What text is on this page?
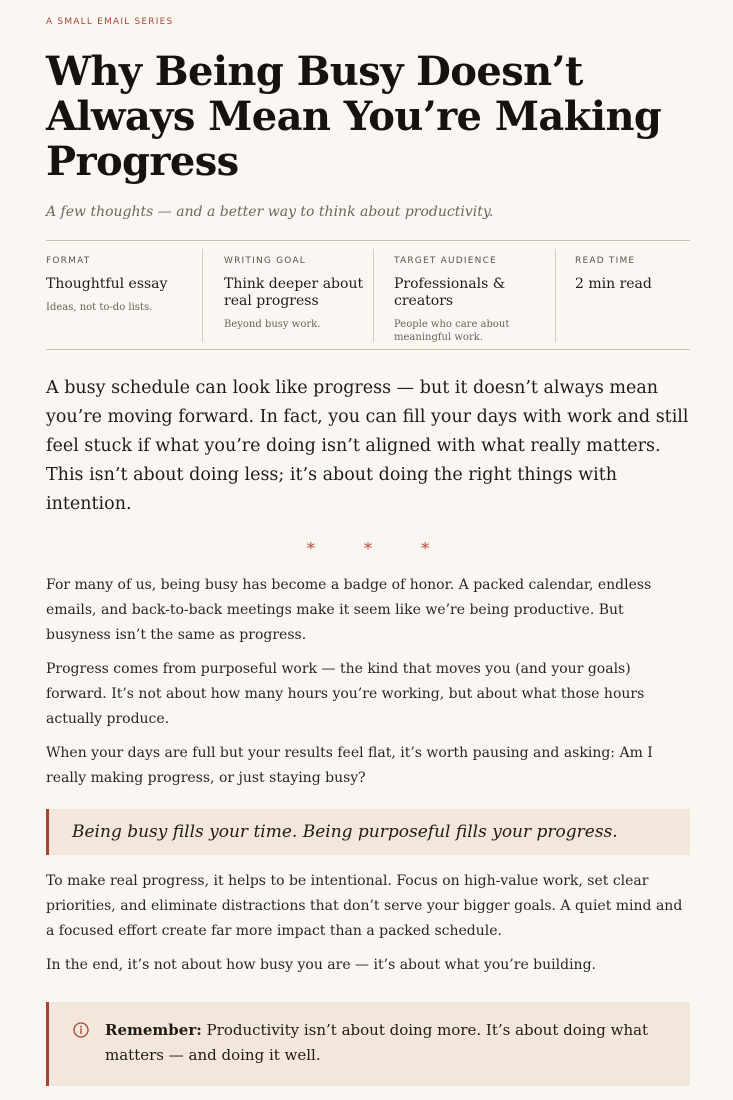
A SMALL EMAIL SERIES

Why Being Busy Doesn’t Always Mean You’re Making Progress

A few thoughts — and a better way to think about productivity.

FORMAT

Thoughtful essay

Ideas, not to-do lists.

WRITING GOAL

Think deeper about real progress

Beyond busy work.

TARGET AUDIENCE

Professionals & creators

People who care about meaningful work.

READ TIME

2 min read

A busy schedule can look like progress — but it doesn’t always mean you’re moving forward. In fact, you can fill your days with work and still feel stuck if what you’re doing isn’t aligned with what really matters. This isn’t about doing less; it’s about doing the right things with intention.

* * *

For many of us, being busy has become a badge of honor. A packed calendar, endless emails, and back-to-back meetings make it seem like we’re being productive. But busyness isn’t the same as progress.

Progress comes from purposeful work — the kind that moves you (and your goals) forward. It’s not about how many hours you’re working, but about what those hours actually produce.

When your days are full but your results feel flat, it’s worth pausing and asking: Am I really making progress, or just staying busy?

Being busy fills your time. Being purposeful fills your progress.

To make real progress, it helps to be intentional. Focus on high-value work, set clear priorities, and eliminate distractions that don’t serve your bigger goals. A quiet mind and a focused effort create far more impact than a packed schedule.

In the end, it’s not about how busy you are — it’s about what you’re building.

Remember: Productivity isn’t about doing more. It’s about doing what matters — and doing it well.
